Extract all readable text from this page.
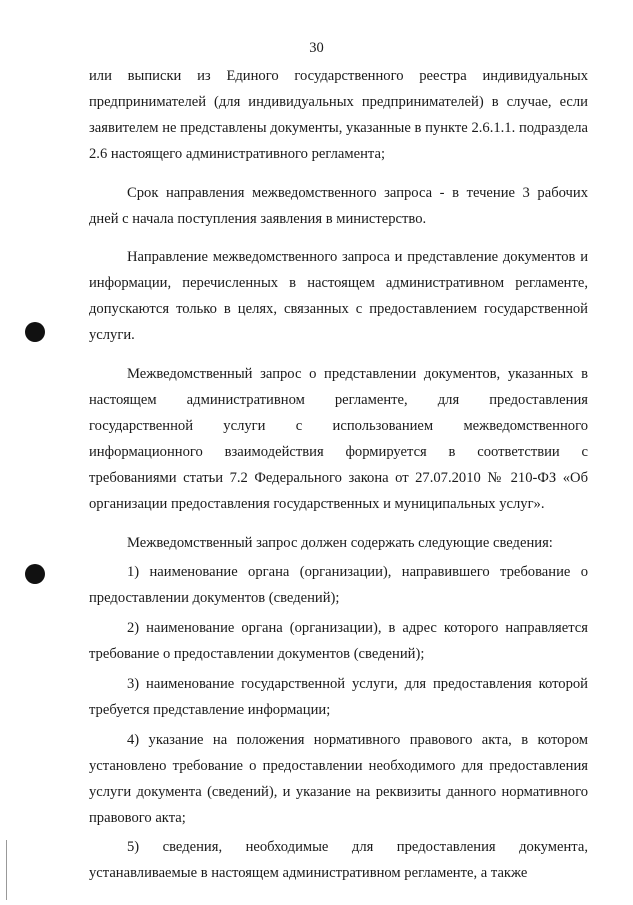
30

или выписки из Единого государственного реестра индивидуальных предпринимателей (для индивидуальных предпринимателей) в случае, если заявителем не представлены документы, указанные в пункте 2.6.1.1. подраздела 2.6 настоящего административного регламента;

Срок направления межведомственного запроса - в течение 3 рабочих дней с начала поступления заявления в министерство.

Направление межведомственного запроса и представление документов и информации, перечисленных в настоящем административном регламенте, допускаются только в целях, связанных с предоставлением государственной услуги.

Межведомственный запрос о представлении документов, указанных в настоящем административном регламенте, для предоставления государственной услуги с использованием межведомственного информационного взаимодействия формируется в соответствии с требованиями статьи 7.2 Федерального закона от 27.07.2010 № 210-ФЗ «Об организации предоставления государственных и муниципальных услуг».

Межведомственный запрос должен содержать следующие сведения:

1) наименование органа (организации), направившего требование о предоставлении документов (сведений);

2) наименование органа (организации), в адрес которого направляется требование о предоставлении документов (сведений);

3) наименование государственной услуги, для предоставления которой требуется представление информации;

4) указание на положения нормативного правового акта, в котором установлено требование о предоставлении необходимого для предоставления услуги документа (сведений), и указание на реквизиты данного нормативного правового акта;

5) сведения, необходимые для предоставления документа, устанавливаемые в настоящем административном регламенте, а также
